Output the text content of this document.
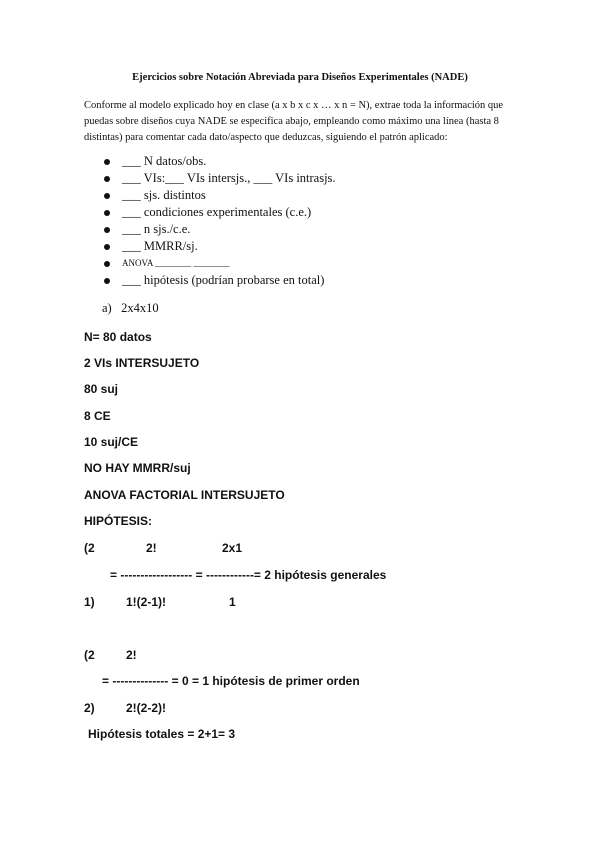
Ejercicios sobre Notación Abreviada para Diseños Experimentales (NADE)
Conforme al modelo explicado hoy en clase (a x b x c x … x n = N), extrae toda la información que puedas sobre diseños cuya NADE se especifica abajo, empleando como máximo una línea (hasta 8 distintas) para comentar cada dato/aspecto que deduzcas, siguiendo el patrón aplicado:
___ N datos/obs.
___ VIs:___ VIs intersjs., ___ VIs intrasjs.
___ sjs. distintos
___ condiciones experimentales (c.e.)
___ n sjs./c.e.
___ MMRR/sj.
ANOVA ________ ________
___ hipótesis (podrían probarse en total)
a) 2x4x10
N= 80 datos
2 VIs INTERSUJETO
80 suj
8 CE
10 suj/CE
NO HAY MMRR/suj
ANOVA FACTORIAL INTERSUJETO
HIPÓTESIS:
(2	2!	2x1
= ------------------ = ------------= 2 hipótesis generales
1)	1!(2-1)!	1
(2	2!
= -------------- = 0 = 1 hipótesis de primer orden
2)	2!(2-2)!
Hipótesis totales = 2+1= 3
